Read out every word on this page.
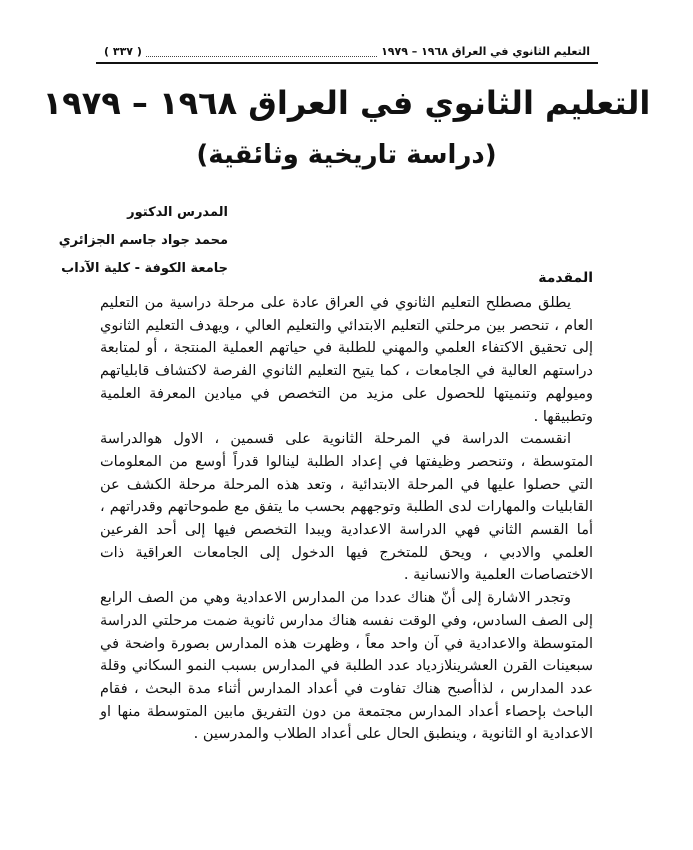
التعليم الثانوي في العراق ١٩٦٨ – ١٩٧٩
( ٣٣٧ )
التعليم الثانوي في العراق ١٩٦٨ – ١٩٧٩
(دراسة تاريخية وثائقية)
المدرس الدكتور
محمد جواد جاسم الجزائري
جامعة الكوفة - كلية الآداب
المقدمة

يطلق مصطلح التعليم الثانوي في العراق عادة على مرحلة دراسية من التعليم العام ، تنحصر بين مرحلتي التعليم الابتدائي والتعليم العالي ، ويهدف التعليم الثانوي إلى تحقيق الاكتفاء العلمي والمهني للطلبة في حياتهم العملية المنتجة ، أو لمتابعة دراستهم العالية في الجامعات ، كما يتيح التعليم الثانوي الفرصة لاكتشاف قابلياتهم وميولهم وتنميتها للحصول على مزيد من التخصص في ميادين المعرفة العلمية وتطبيقها .

انقسمت الدراسة في المرحلة الثانوية على قسمين ، الاول هوالدراسة المتوسطة ، وتنحصر وظيفتها في إعداد الطلبة لينالوا قدراً أوسع من المعلومات التي حصلوا عليها في المرحلة الابتدائية ، وتعد هذه المرحلة مرحلة الكشف عن القابليات والمهارات لدى الطلبة وتوجههم بحسب ما يتفق مع طموحاتهم وقدراتهم ، أما القسم الثاني فهي الدراسة الاعدادية ويبدا التخصص فيها إلى أحد الفرعين العلمي والادبي ، ويحق للمتخرج فيها الدخول إلى الجامعات العراقية ذات الاختصاصات العلمية والانسانية .

وتجدر الاشارة إلى أنّ هناك عددا من المدارس الاعدادية وهي من الصف الرابع إلى الصف السادس، وفي الوقت نفسه هناك مدارس ثانوية ضمت مرحلتي الدراسة المتوسطة والاعدادية في آن واحد معاً ، وظهرت هذه المدارس بصورة واضحة في سبعينات القرن العشرينلازدياد عدد الطلبة في المدارس بسبب النمو السكاني وقلة عدد المدارس ، لذاأصبح هناك تفاوت في أعداد المدارس أثناء مدة البحث ، فقام الباحث بإحصاء أعداد المدارس مجتمعة من دون التفريق مابين المتوسطة منها او الاعدادية او الثانوية ، وينطبق الحال على أعداد الطلاب والمدرسين .
